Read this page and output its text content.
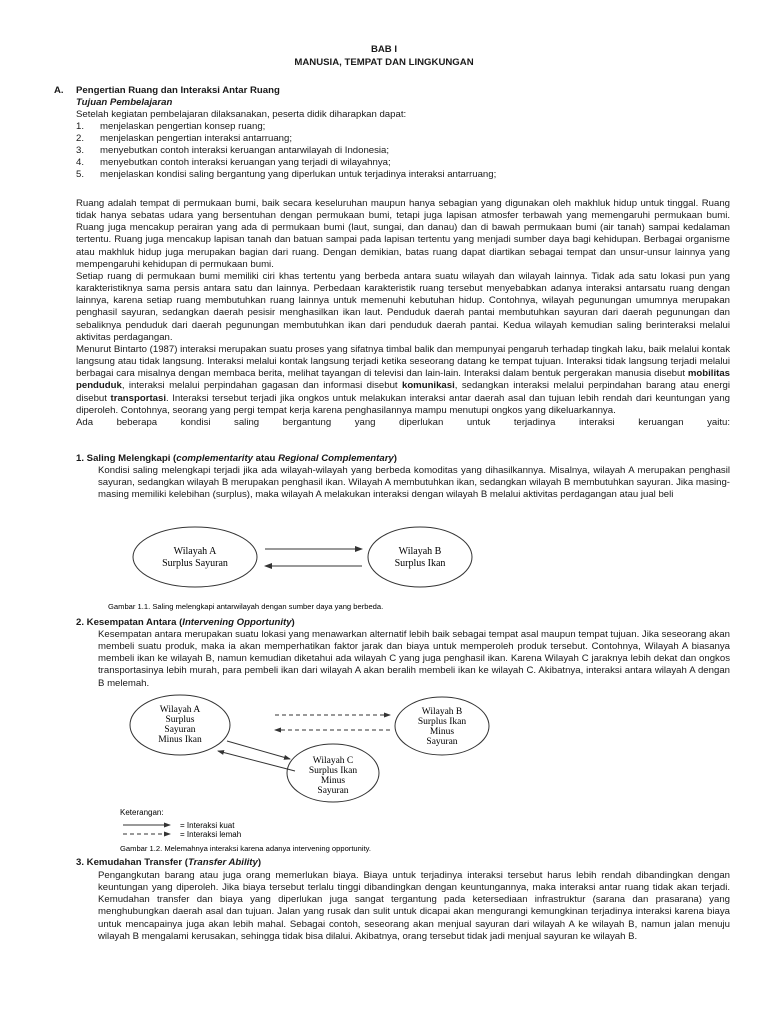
BAB I
MANUSIA, TEMPAT DAN LINGKUNGAN
A. Pengertian Ruang dan Interaksi Antar Ruang
Tujuan Pembelajaran
Setelah kegiatan pembelajaran dilaksanakan, peserta didik diharapkan dapat:
1.	menjelaskan pengertian konsep ruang;
2.	menjelaskan pengertian interaksi antarruang;
3.	menyebutkan contoh interaksi keruangan antarwilayah di Indonesia;
4.	menyebutkan contoh interaksi keruangan yang terjadi di wilayahnya;
5.	menjelaskan kondisi saling bergantung yang diperlukan untuk terjadinya interaksi antarruang;

Ruang adalah tempat di permukaan bumi, baik secara keseluruhan maupun hanya sebagian yang digunakan oleh makhluk hidup untuk tinggal. Ruang tidak hanya sebatas udara yang bersentuhan dengan permukaan bumi, tetapi juga lapisan atmosfer terbawah yang memengaruhi permukaan bumi. Ruang juga mencakup perairan yang ada di permukaan bumi (laut, sungai, dan danau) dan di bawah permukaan bumi (air tanah) sampai kedalaman tertentu. Ruang juga mencakup lapisan tanah dan batuan sampai pada lapisan tertentu yang menjadi sumber daya bagi kehidupan. Berbagai organisme atau makhluk hidup juga merupakan bagian dari ruang. Dengan demikian, batas ruang dapat diartikan sebagai tempat dan unsur-unsur lainnya yang mempengaruhi kehidupan di permukaan bumi.

Setiap ruang di permukaan bumi memiliki ciri khas tertentu yang berbeda antara suatu wilayah dan wilayah lainnya. Tidak ada satu lokasi pun yang karakteristiknya sama persis antara satu dan lainnya. Perbedaan karakteristik ruang tersebut menyebabkan adanya interaksi antarsatu ruang dengan lainnya, karena setiap ruang membutuhkan ruang lainnya untuk memenuhi kebutuhan hidup. Contohnya, wilayah pegunungan umumnya merupakan penghasil sayuran, sedangkan daerah pesisir menghasilkan ikan laut. Penduduk daerah pantai membutuhkan sayuran dari daerah pegunungan dan sebaliknya penduduk dari daerah pegunungan membutuhkan ikan dari penduduk daerah pantai. Kedua wilayah kemudian saling berinteraksi melalui aktivitas perdagangan.

Menurut Bintarto (1987) interaksi merupakan suatu proses yang sifatnya timbal balik dan mempunyai pengaruh terhadap tingkah laku, baik melalui kontak langsung atau tidak langsung. Interaksi melalui kontak langsung terjadi ketika seseorang datang ke tempat tujuan. Interaksi tidak langsung terjadi melalui berbagai cara misalnya dengan membaca berita, melihat tayangan di televisi dan lain-lain. Interaksi dalam bentuk pergerakan manusia disebut mobilitas penduduk, interaksi melalui perpindahan gagasan dan informasi disebut komunikasi, sedangkan interaksi melalui perpindahan barang atau energi disebut transportasi. Interaksi tersebut terjadi jika ongkos untuk melakukan interaksi antar daerah asal dan tujuan lebih rendah dari keuntungan yang diperoleh. Contohnya, seorang yang pergi tempat kerja karena penghasilannya mampu menutupi ongkos yang dikeluarkannya.

Ada beberapa kondisi saling bergantung yang diperlukan untuk terjadinya interaksi keruangan yaitu:

1. Saling Melengkapi (complementarity atau Regional Complementary)
Kondisi saling melengkapi terjadi jika ada wilayah-wilayah yang berbeda komoditas yang dihasilkannya. Misalnya, wilayah A merupakan penghasil sayuran, sedangkan wilayah B merupakan penghasil ikan. Wilayah A membutuhkan ikan, sedangkan wilayah B membutuhkan sayuran. Jika masing-masing memiliki kelebihan (surplus), maka wilayah A melakukan interaksi dengan wilayah B melalui aktivitas perdagangan atau jual beli
Wilayah A
Surplus Sayuran
Wilayah B
Surplus Ikan
Gambar 1.1. Saling melengkapi antarwilayah dengan sumber daya yang berbeda.
2. Kesempatan Antara (Intervening Opportunity)
Kesempatan antara merupakan suatu lokasi yang menawarkan alternatif lebih baik sebagai tempat asal maupun tempat tujuan. Jika seseorang akan membeli suatu produk, maka ia akan memperhatikan faktor jarak dan biaya untuk memperoleh produk tersebut. Contohnya, Wilayah A biasanya membeli ikan ke wilayah B, namun kemudian diketahui ada wilayah C yang juga penghasil ikan. Karena Wilayah C jaraknya lebih dekat dan ongkos transportasinya lebih murah, para pembeli ikan dari wilayah A akan beralih membeli ikan ke wilayah C. Akibatnya, interaksi antara wilayah A dengan B melemah.
Wilayah A
Surplus
Sayuran
Minus Ikan
Wilayah B
Surplus Ikan
Minus
Sayuran
Wilayah C
Surplus Ikan
Minus
Sayuran
Keterangan:
= Interaksi kuat
= Interaksi lemah
Gambar 1.2. Melemahnya interaksi karena adanya intervening opportunity.
3. Kemudahan Transfer (Transfer Ability)
Pengangkutan barang atau juga orang memerlukan biaya. Biaya untuk terjadinya interaksi tersebut harus lebih rendah dibandingkan dengan keuntungan yang diperoleh. Jika biaya tersebut terlalu tinggi dibandingkan dengan keuntungannya, maka interaksi antar ruang tidak akan terjadi. Kemudahan transfer dan biaya yang diperlukan juga sangat tergantung pada ketersediaan infrastruktur (sarana dan prasarana) yang menghubungkan daerah asal dan tujuan. Jalan yang rusak dan sulit untuk dicapai akan mengurangi kemungkinan terjadinya interaksi karena biaya untuk mencapainya juga akan lebih mahal. Sebagai contoh, seseorang akan menjual sayuran dari wilayah A ke wilayah B, namun jalan menuju wilayah B mengalami kerusakan, sehingga tidak bisa dilalui. Akibatnya, orang tersebut tidak jadi menjual sayuran ke wilayah B.
